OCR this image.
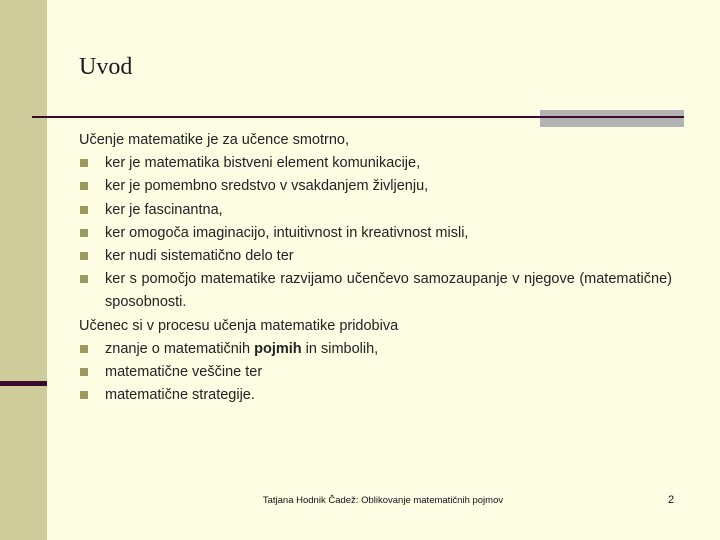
Uvod

Učenje matematike je za učence smotrno,

ker je matematika bistveni element komunikacije,

ker je pomembno sredstvo v vsakdanjem življenju,

ker je fascinantna,

ker omogoča imaginacijo, intuitivnost in kreativnost misli,

ker nudi sistematično delo ter

ker s pomočjo matematike razvijamo učenčevo samozaupanje v njegove (matematične) sposobnosti.

Učenec si v procesu učenja matematike pridobiva

znanje o matematičnih pojmih in simbolih,

matematične veščine ter

matematične strategije.

Tatjana Hodnik Čadež: Oblikovanje matematičnih pojmov	2
